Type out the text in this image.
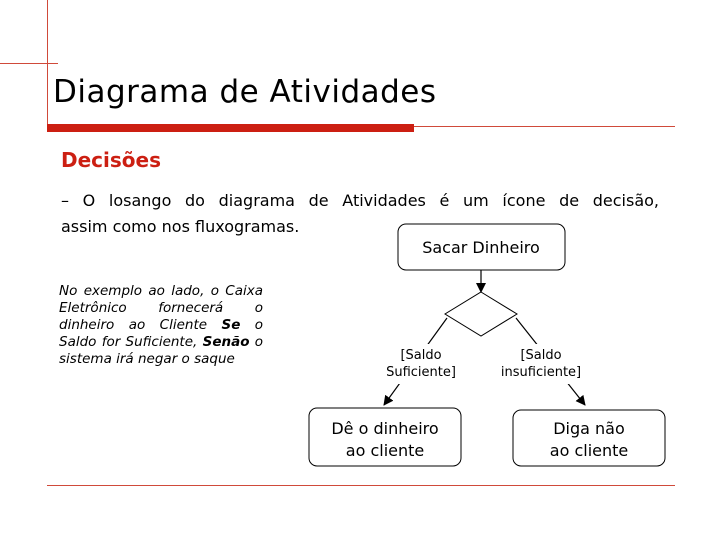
Diagrama de Atividades
Decisões
– O losango do diagrama de Atividades é um ícone de decisão,
assim como nos fluxogramas.
No exemplo ao lado, o Caixa
Eletrônico fornecerá o
dinheiro ao Cliente Se o
Saldo for Suficiente, Senão o
sistema irá negar o saque
Sacar Dinheiro
[Saldo
Suficiente]
[Saldo
insuficiente]
Dê o dinheiro
ao cliente
Diga não
ao cliente
